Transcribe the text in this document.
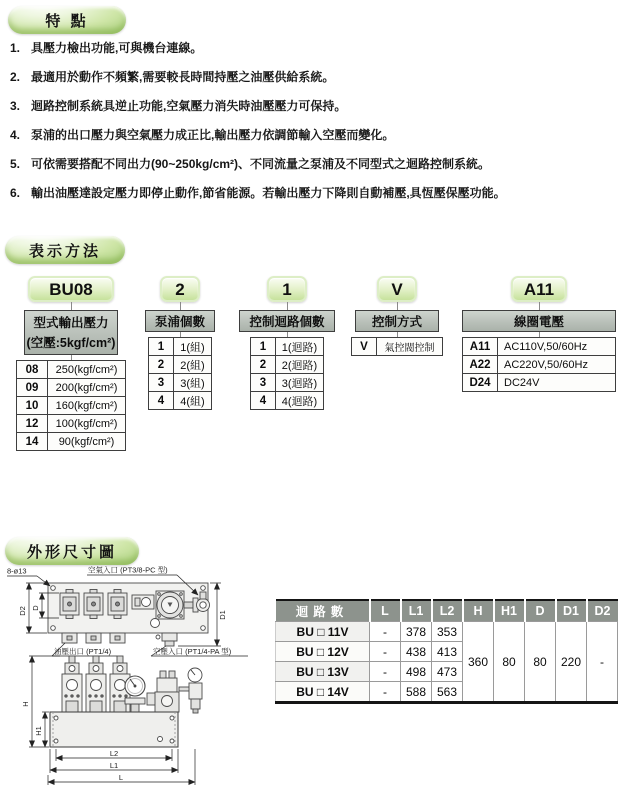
特 點
1. 具壓力檢出功能,可與機台連線。
2. 最適用於動作不頻繁,需要較長時間持壓之油壓供給系統。
3. 迴路控制系統具逆止功能,空氣壓力消失時油壓壓力可保持。
4. 泵浦的出口壓力與空氣壓力成正比,輸出壓力依調節輸入空壓而變化。
5. 可依需要搭配不同出力(90~250kg/cm²)、不同流量之泵浦及不同型式之迴路控制系統。
6. 輸出油壓達設定壓力即停止動作,節省能源。若輸出壓力下降則自動補壓,具恆壓保壓功能。
表示方法
BU08
型式輸出壓力
(空壓:5kgf/cm²)
08	250(kgf/cm²)
09	200(kgf/cm²)
10	160(kgf/cm²)
12	100(kgf/cm²)
14	90(kgf/cm²)
2
泵浦個數
1	1(組)
2	2(組)
3	3(組)
4	4(組)
1
控制迴路個數
1	1(迴路)
2	2(迴路)
3	3(迴路)
4	4(迴路)
V
控制方式
V	氣控閥控制
A11
線圈電壓
A11	AC110V,50/60Hz
A22	AC220V,50/60Hz
D24	DC24V
外形尺寸圖
8-ø13	空氣入口 (PT3/8-PC 型)
油壓出口 (PT1/4)	空壓入口 (PT1/4-PA 型)
D2 D
D1
H
H1
L2
L1
L
迴路數	L	L1	L2	H	H1	D	D1	D2
BU □ 11V	-	378	353	360	80	80	220	-
BU □ 12V	-	438	413					
BU □ 13V	-	498	473					
BU □ 14V	-	588	563					
